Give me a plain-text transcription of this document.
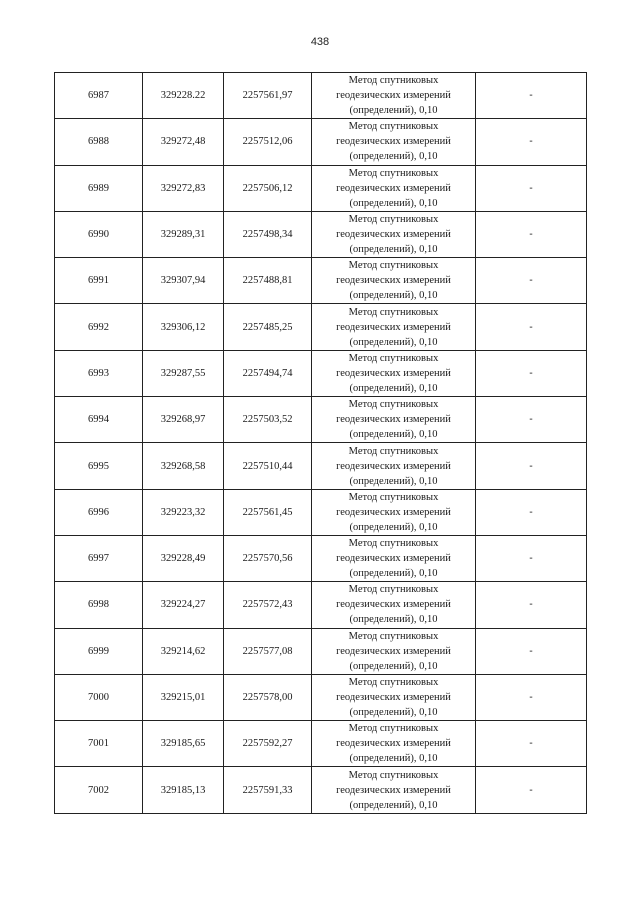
438
6987	329228.22	2257561,97	Метод спутниковых
геодезических измерений
(определений), 0,10	-
6988	329272,48	2257512,06	Метод спутниковых
геодезических измерений
(определений), 0,10	-
6989	329272,83	2257506,12	Метод спутниковых
геодезических измерений
(определений), 0,10	-
6990	329289,31	2257498,34	Метод спутниковых
геодезических измерений
(определений), 0,10	-
6991	329307,94	2257488,81	Метод спутниковых
геодезических измерений
(определений), 0,10	-
6992	329306,12	2257485,25	Метод спутниковых
геодезических измерений
(определений), 0,10	-
6993	329287,55	2257494,74	Метод спутниковых
геодезических измерений
(определений), 0,10	-
6994	329268,97	2257503,52	Метод спутниковых
геодезических измерений
(определений), 0,10	-
6995	329268,58	2257510,44	Метод спутниковых
геодезических измерений
(определений), 0,10	-
6996	329223,32	2257561,45	Метод спутниковых
геодезических измерений
(определений), 0,10	-
6997	329228,49	2257570,56	Метод спутниковых
геодезических измерений
(определений), 0,10	-
6998	329224,27	2257572,43	Метод спутниковых
геодезических измерений
(определений), 0,10	-
6999	329214,62	2257577,08	Метод спутниковых
геодезических измерений
(определений), 0,10	-
7000	329215,01	2257578,00	Метод спутниковых
геодезических измерений
(определений), 0,10	-
7001	329185,65	2257592,27	Метод спутниковых
геодезических измерений
(определений), 0,10	-
7002	329185,13	2257591,33	Метод спутниковых
геодезических измерений
(определений), 0,10	-
